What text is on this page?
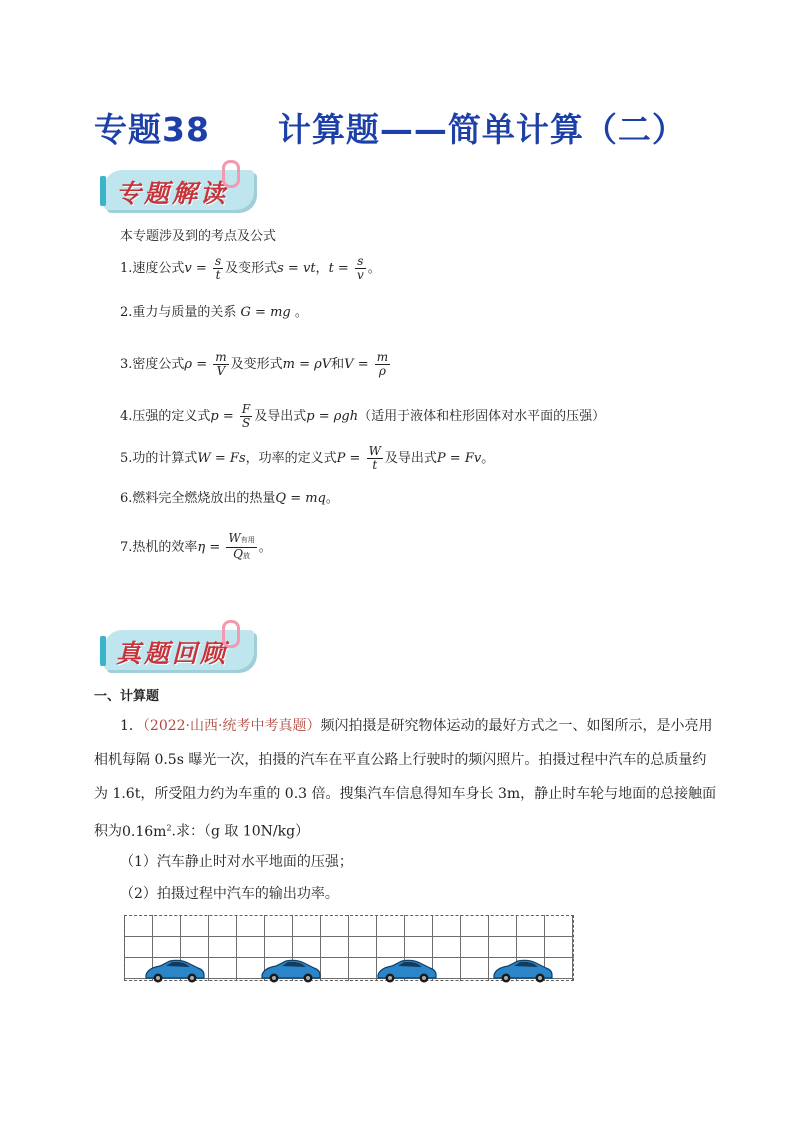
专题38　　计算题——简单计算（二）
专题解读
本专题涉及到的考点及公式
1.速度公式$v = \frac{s}{t}$ 及变形式s = vt，$t = \frac{s}{v}$ 。
2.重力与质量的关系 G = mg 。
3.密度公式$\rho = \frac{m}{V}$ 及变形式m = ρV和$V = \frac{m}{\rho}$
4.压强的定义式$p = \frac{F}{S}$ 及导出式p = ρgh（适用于液体和柱形固体对水平面的压强）
5.功的计算式W = Fs，功率的定义式$P = \frac{W}{t}$ 及导出式P = Fv。
6.燃料完全燃烧放出的热量Q = mq。
7.热机的效率$\eta = \frac{\text{W有用}}{\text{Q放}}$ 。
真题回顾
一、计算题
1．（2022·山西·统考中考真题）频闪拍摄是研究物体运动的最好方式之一、如图所示，是小亮用
相机每隔 0.5s 曝光一次，拍摄的汽车在平直公路上行驶时的频闪照片。拍摄过程中汽车的总质量约
为 1.6t，所受阻力约为车重的 0.3 倍。搜集汽车信息得知车身长 3m，静止时车轮与地面的总接触面
积为$0.16m^2$.求：（g 取 10N/kg）
（1）汽车静止时对水平地面的压强；
（2）拍摄过程中汽车的输出功率。
